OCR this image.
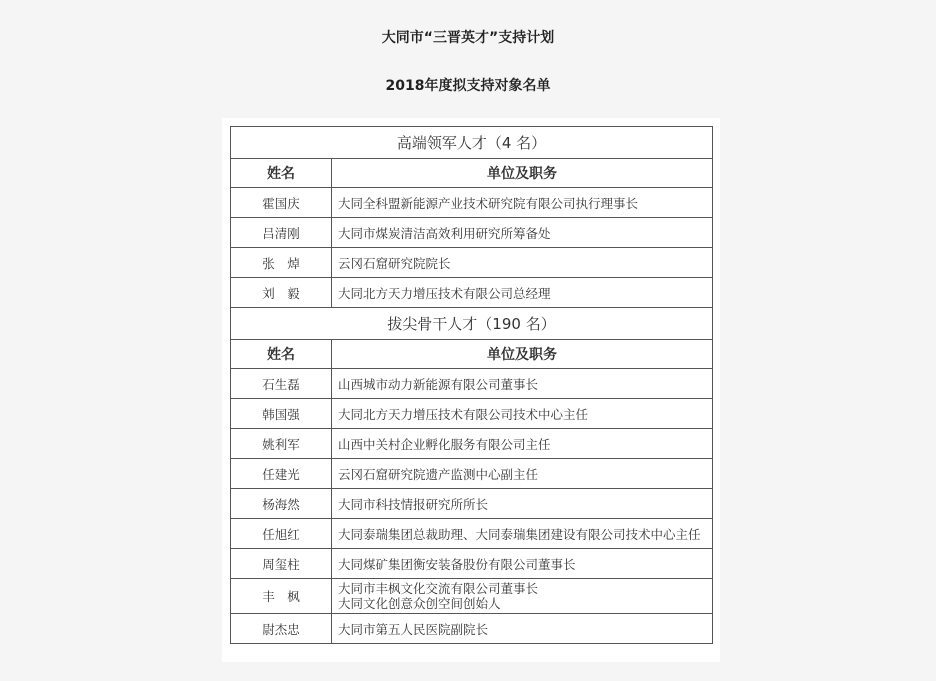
大同市“三晋英才”支持计划
2018年度拟支持对象名单
高端领军人才（4 名）	
姓名	单位及职务
霍国庆	大同全科盟新能源产业技术研究院有限公司执行理事长

吕清刚	大同市煤炭清洁高效利用研究所筹备处

张　焯	云冈石窟研究院院长

刘　毅	大同北方天力增压技术有限公司总经理

拔尖骨干人才（190 名）	
姓名	单位及职务
石生磊	山西城市动力新能源有限公司董事长

韩国强	大同北方天力增压技术有限公司技术中心主任

姚利军	山西中关村企业孵化服务有限公司主任

任建光	云冈石窟研究院遗产监测中心副主任

杨海然	大同市科技情报研究所所长

任旭红	大同泰瑞集团总裁助理、大同泰瑞集团建设有限公司技术中心主任

周玺柱	大同煤矿集团衡安装备股份有限公司董事长

丰　枫	大同市丰枫文化交流有限公司董事长
大同文化创意众创空间创始人

尉杰忠	大同市第五人民医院副院长
